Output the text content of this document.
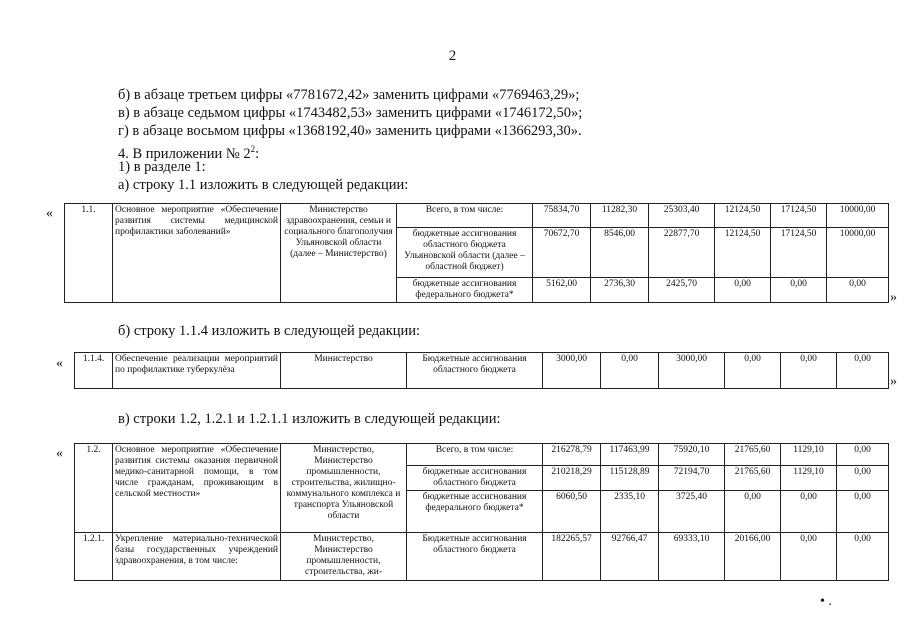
2
б) в абзаце третьем цифры «7781672,42» заменить цифрами «7769463,29»;
в) в абзаце седьмом цифры «1743482,53» заменить цифрами «1746172,50»;
г) в абзаце восьмом цифры «1368192,40» заменить цифрами «1366293,30».
4. В приложении № $2^2$:
1) в разделе 1:
а) строку 1.1 изложить в следующей редакции:
«	1.1.	Основное мероприятие «Обеспечение развития системы медицинской профилактики заболеваний»	Министерство здравоохранения, семьи и социального благополучия Ульяновской области (далее – Министерство)	Всего, в том числе:	75834,70	11282,30	25303,40	12124,50	17124,50	10000,00
			бюджетные ассигнования областного бюджета Ульяновской области (далее – областной бюджет)	70672,70	8546,00	22877,70	12124,50	17124,50	10000,00
			бюджетные ассигнования федерального бюджета*	5162,00	2736,30	2425,70	0,00	0,00	0,00
»
б) строку 1.1.4 изложить в следующей редакции:
« 1.1.4.	Обеспечение реализации мероприятий по профилактике туберкулёза	Министерство	Бюджетные ассигнования областного бюджета	3000,00	0,00	3000,00	0,00	0,00	0,00
»
в) строки 1.2, 1.2.1 и 1.2.1.1 изложить в следующей редакции:
« 1.2.	Основное мероприятие «Обеспечение развития системы оказания первичной медико-санитарной помощи, в том числе гражданам, проживающим в сельской местности»	Министерство, Министерство промышленности, строительства, жилищно-коммунального комплекса и транспорта Ульяновской области	Всего, в том числе:	216278,79	117463,99	75920,10	21765,60	1129,10	0,00
			бюджетные ассигнования областного бюджета	210218,29	115128,89	72194,70	21765,60	1129,10	0,00
			бюджетные ассигнования федерального бюджета*	6060,50	2335,10	3725,40	0,00	0,00	0,00
1.2.1.	Укрепление материально-технической базы государственных учреждений здравоохранения, в том числе:	Министерство, Министерство промышленности, строительства, жи-	Бюджетные ассигнования областного бюджета	182265,57	92766,47	69333,10	20166,00	0,00	0,00
• .
